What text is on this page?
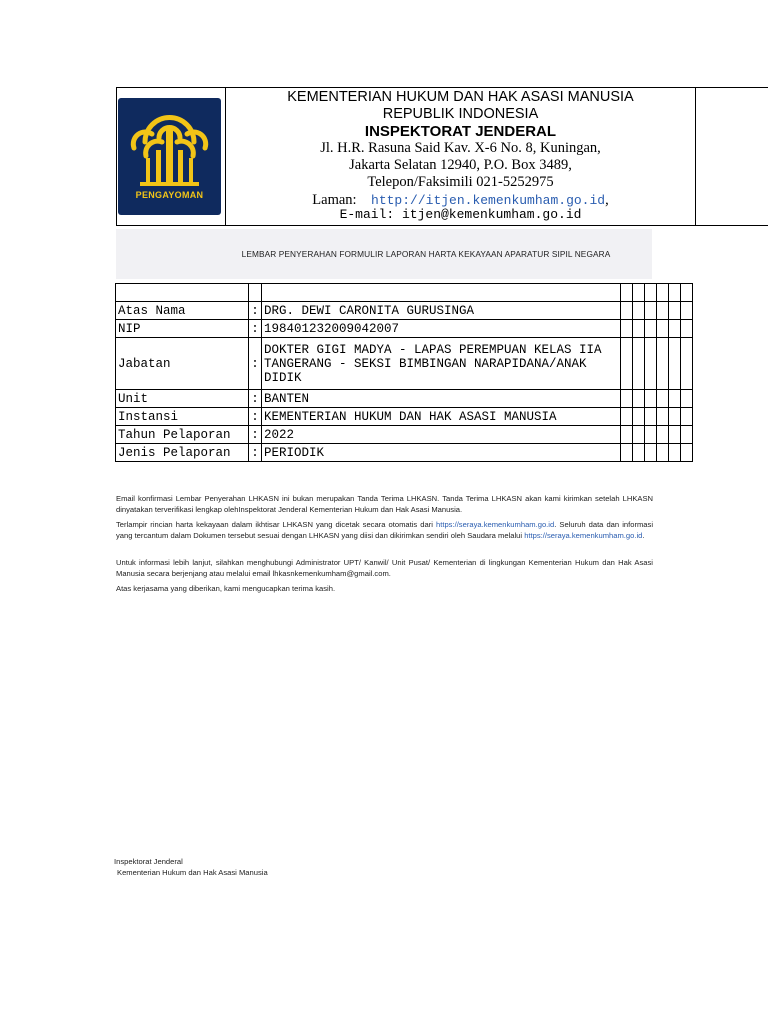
PENGAYOMAN
KEMENTERIAN HUKUM DAN HAK ASASI MANUSIA
REPUBLIK INDONESIA
INSPEKTORAT JENDERAL
Jl. H.R. Rasuna Said Kav. X-6 No. 8, Kuningan,
Jakarta Selatan 12940, P.O. Box 3489,
Telepon/Faksimili 021-5252975
Laman: http://itjen.kemenkumham.go.id,
E-mail: itjen@kemenkumham.go.id
LEMBAR PENYERAHAN FORMULIR LAPORAN HARTA KEKAYAAN APARATUR SIPIL NEGARA

Atas Nama	:	DRG. DEWI CARONITA GURUSINGA						
NIP	:	198401232009042007						
Jabatan	:	DOKTER GIGI MADYA - LAPAS PEREMPUAN KELAS IIA TANGERANG - SEKSI BIMBINGAN NARAPIDANA/ANAK DIDIK						
Unit	:	BANTEN						
Instansi	:	KEMENTERIAN HUKUM DAN HAK ASASI MANUSIA						
Tahun Pelaporan	:	2022						
Jenis Pelaporan	:	PERIODIK						
Email konfirmasi Lembar Penyerahan LHKASN ini bukan merupakan Tanda Terima LHKASN. Tanda Terima LHKASN akan kami kirimkan setelah LHKASN dinyatakan terverifikasi lengkap olehInspektorat Jenderal Kementerian Hukum dan Hak Asasi Manusia.
Terlampir rincian harta kekayaan dalam ikhtisar LHKASN yang dicetak secara otomatis dari https://seraya.kemenkumham.go.id. Seluruh data dan informasi yang tercantum dalam Dokumen tersebut sesuai dengan LHKASN yang diisi dan dikirimkan sendiri oleh Saudara melalui https://seraya.kemenkumham.go.id.
Untuk informasi lebih lanjut, silahkan menghubungi Administrator UPT/ Kanwil/ Unit Pusat/ Kementerian di lingkungan Kementerian Hukum dan Hak Asasi Manusia secara berjenjang atau melalui email lhkasnkemenkumham@gmail.com.
Atas kerjasama yang diberikan, kami mengucapkan terima kasih.
Inspektorat Jenderal
Kementerian Hukum dan Hak Asasi Manusia
